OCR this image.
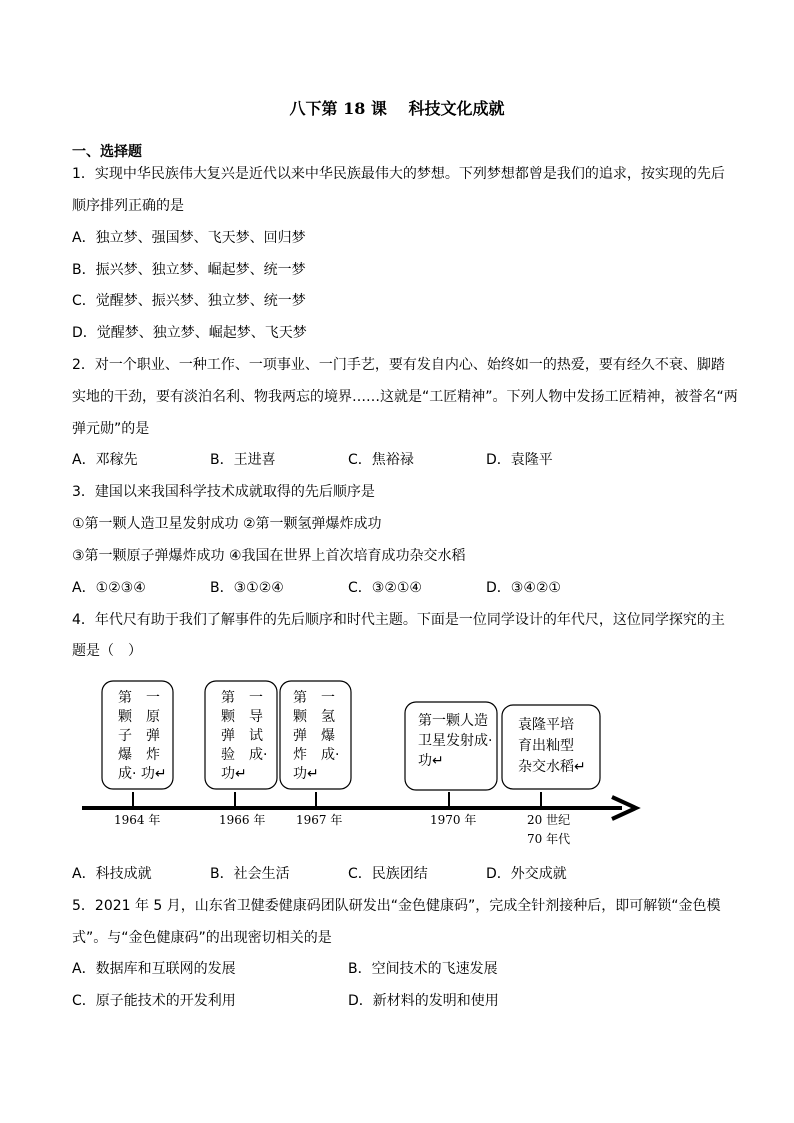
八下第 18 课　 科技文化成就
一、选择题
1．实现中华民族伟大复兴是近代以来中华民族最伟大的梦想。下列梦想都曾是我们的追求，按实现的先后
顺序排列正确的是
A．独立梦、强国梦、飞天梦、回归梦
B．振兴梦、独立梦、崛起梦、统一梦
C．觉醒梦、振兴梦、独立梦、统一梦
D．觉醒梦、独立梦、崛起梦、飞天梦
2．对一个职业、一种工作、一项事业、一门手艺，要有发自内心、始终如一的热爱，要有经久不衰、脚踏
实地的干劲，要有淡泊名利、物我两忘的境界……这就是“工匠精神”。下列人物中发扬工匠精神，被誉名“两
弹元勋”的是
A．邓稼先	B．王进喜	C．焦裕禄	D．袁隆平
3．建国以来我国科学技术成就取得的先后顺序是
①第一颗人造卫星发射成功 ②第一颗氢弹爆炸成功
③第一颗原子弹爆炸成功 ④我国在世界上首次培育成功杂交水稻
A．①②③④	B．③①②④	C．③②①④	D．③④②①
4．年代尺有助于我们了解事件的先后顺序和时代主题。下面是一位同学设计的年代尺，这位同学探究的主
题是（　）
第　一
颗　原
子　弹
爆　炸
成· 功↵
第　一
颗　导
弹　试
验　成·
功↵
第　一
颗　氢
弹　爆
炸　成·
功↵
第一颗人造
卫星发射成·
功↵
袁隆平培
育出籼型
杂交水稻↵
1964 年	1966 年	1967 年	1970 年	20 世纪
70 年代
A．科技成就	B．社会生活	C．民族团结	D．外交成就
5．2021 年 5 月，山东省卫健委健康码团队研发出“金色健康码”，完成全针剂接种后，即可解锁“金色模
式”。与“金色健康码”的出现密切相关的是
A．数据库和互联网的发展	B．空间技术的飞速发展
C．原子能技术的开发利用	D．新材料的发明和使用
